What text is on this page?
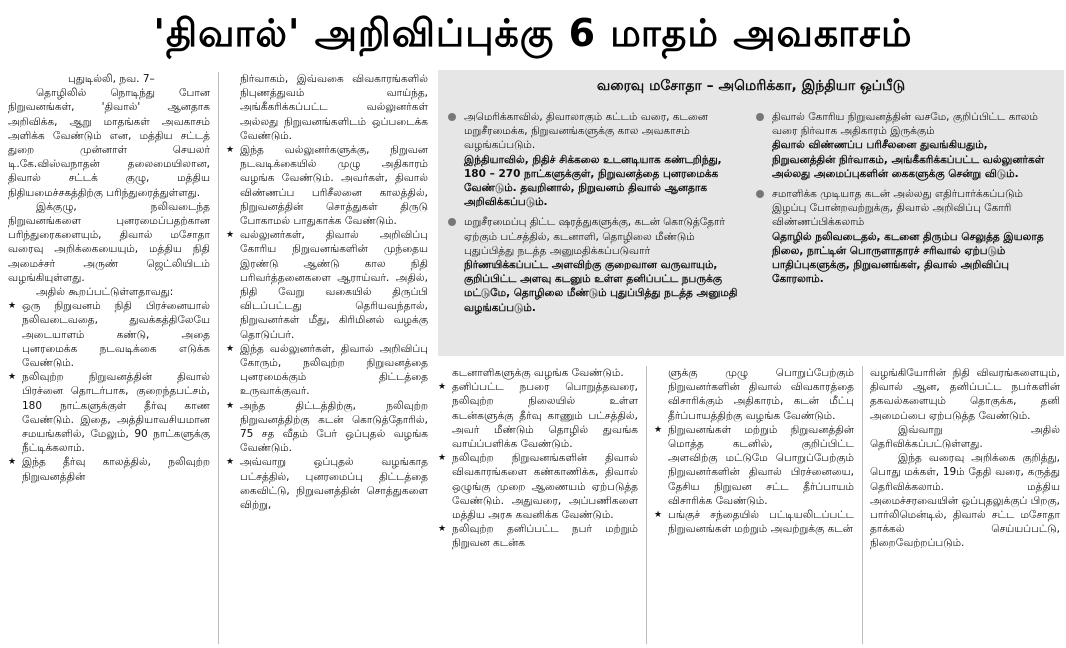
'திவால்' அறிவிப்புக்கு 6 மாதம் அவகாசம்

புதுடில்லி, நவ. 7–

தொழிலில் நொடிந்து போன நிறுவனங்கள், 'திவால்' ஆனதாக அறிவிக்க, ஆறு மாதங்கள் அவகாசம் அளிக்க வேண்டும் என, மத்திய சட்டத் துறை முன்னாள் செயலர் டி.கே.விஸ்வநாதன் தலைமையிலான, திவால் சட்டக் குழு, மத்திய நிதியமைச்சகத்திற்கு பரிந்துரைத்துள்ளது.

இக்குழு, நலிவடைந்த நிறுவனங்களை புனரமைப்பதற்கான பரிந்துரைகளையும், திவால் மசோதா வரைவு அறிக்கையையும், மத்திய நிதி அமைச்சர் அருண் ஜெட்லியிடம் வழங்கியுள்ளது.

அதில் கூறப்பட்டுள்ளதாவது:

★ ஒரு நிறுவனம் நிதி பிரச்னையால் நலிவடைவதை, துவக்கத்திலேயே அடையாளம் கண்டு, அதை புனரமைக்க நடவடிக்கை எடுக்க வேண்டும்.
★ நலிவுற்ற நிறுவனத்தின் திவால் பிரச்னை தொடர்பாக, குறைந்தபட்சம், 180 நாட்களுக்குள் தீர்வு காண வேண்டும். இதை, அத்தியாவசியமான சமயங்களில், மேலும், 90 நாட்களுக்கு நீட்டிக்கலாம்.
★ இந்த தீர்வு காலத்தில், நலிவுற்ற நிறுவனத்தின்

நிர்வாகம், இவ்வகை விவகாரங்களில் நிபுணத்துவம் வாய்ந்த, அங்கீகரிக்கப்பட்ட வல்லுனர்கள் அல்லது நிறுவனங்களிடம் ஒப்படைக்க வேண்டும்.

★ இந்த வல்லுனர்களுக்கு, நிறுவன நடவடிக்கையில் முழு அதிகாரம் வழங்க வேண்டும். அவர்கள், திவால் விண்ணப்ப பரிசீலனை காலத்தில், நிறுவனத்தின் சொத்துகள் திருடு போகாமல் பாதுகாக்க வேண்டும்.
★ வல்லுனர்கள், திவால் அறிவிப்பு கோரிய நிறுவனங்களின் முந்தைய இரண்டு ஆண்டு கால நிதி பரிவர்த்தனைகளை ஆராய்வர். அதில், நிதி வேறு வகையில் திருப்பி விடப்பட்டது தெரியவந்தால், நிறுவனர்கள் மீது, கிரிமினல் வழக்கு தொடுப்பர்.
★ இந்த வல்லுனர்கள், திவால் அறிவிப்பு கோரும், நலிவுற்ற நிறுவனத்தை புனரமைக்கும் திட்டத்தை உருவாக்குவர்.
★ அந்த திட்டத்திற்கு, நலிவுற்ற நிறுவனத்திற்கு கடன் கொடுத்தோரில், 75 சத வீதம் பேர் ஒப்புதல் வழங்க வேண்டும்.
★ அவ்வாறு ஒப்புதல் வழங்காத பட்சத்தில், புனரமைப்பு திட்டத்தை கைவிட்டு, நிறுவனத்தின் சொத்துகளை விற்று,
வரைவு மசோதா – அமெரிக்கா, இந்தியா ஒப்பீடு
அமெரிக்காவில், திவாலாகும் கட்டம் வரை, கடனை மறுசீரமைக்க, நிறுவனங்களுக்கு கால அவகாசம் வழங்கப்படும்.
இந்தியாவில், நிதிச் சிக்கலை உடனடியாக கண்டறிந்து, 180 – 270 நாட்களுக்குள், நிறுவனத்தை புனரமைக்க வேண்டும். தவறினால், நிறுவனம் திவால் ஆனதாக அறிவிக்கப்படும்.
மறுசீரமைப்பு திட்ட ஷரத்துகளுக்கு, கடன் கொடுத்தோர் ஏற்கும் பட்சத்தில், கடனாளி, தொழிலை மீண்டும் புதுப்பித்து நடத்த அனுமதிக்கப்படுவார்
நிர்ணயிக்கப்பட்ட அளவிற்கு குறைவான வருவாயும், குறிப்பிட்ட அளவு கடனும் உள்ள தனிப்பட்ட நபருக்கு மட்டுமே, தொழிலை மீண்டும் புதுப்பித்து நடத்த அனுமதி வழங்கப்படும்.
திவால் கோரிய நிறுவனத்தின் வசமே, குறிப்பிட்ட காலம் வரை நிர்வாக அதிகாரம் இருக்கும்
திவால் விண்ணப்ப பரிசீலனை துவங்கியதும், நிறுவனத்தின் நிர்வாகம், அங்கீகரிக்கப்பட்ட வல்லுனர்கள் அல்லது அமைப்புகளின் கைகளுக்கு சென்று விடும்.
சமாளிக்க முடியாத கடன் அல்லது எதிர்பார்க்கப்படும் இழப்பு போன்றவற்றுக்கு, திவால் அறிவிப்பு கோரி விண்ணப்பிக்கலாம்
தொழில் நலிவடைதல், கடனை திரும்ப செலுத்த இயலாத நிலை, நாட்டின் பொருளாதாரச் சரிவால் ஏற்படும் பாதிப்புகளுக்கு, நிறுவனங்கள், திவால் அறிவிப்பு கோரலாம்.

கடனாளிகளுக்கு வழங்க வேண்டும்.

★ தனிப்பட்ட நபரை பொறுத்தவரை, நலிவுற்ற நிலையில் உள்ள கடன்களுக்கு தீர்வு காணும் பட்சத்தில், அவர் மீண்டும் தொழில் துவங்க வாய்ப்பளிக்க வேண்டும்.
★ நலிவுற்ற நிறுவனங்களின் திவால் விவகாரங்களை கண்காணிக்க, திவால் ஒழுங்கு முறை ஆணையம் ஏற்படுத்த வேண்டும். அதுவரை, அப்பணிகளை மத்திய அரசு கவனிக்க வேண்டும்.
★ நலிவுற்ற தனிப்பட்ட நபர் மற்றும் நிறுவன கடன்க

ளுக்கு முழு பொறுப்பேற்கும் நிறுவனர்களின் திவால் விவகாரத்தை விசாரிக்கும் அதிகாரம், கடன் மீட்பு தீர்ப்பாயத்திற்கு வழங்க வேண்டும்.

★ நிறுவனங்கள் மற்றும் நிறுவனத்தின் மொத்த கடனில், குறிப்பிட்ட அளவிற்கு மட்டுமே பொறுப்பேற்கும் நிறுவனர்களின் திவால் பிரச்னையை, தேசிய நிறுவன சட்ட தீர்ப்பாயம் விசாரிக்க வேண்டும்.
★ பங்குச் சந்தையில் பட்டியலிடப்பட்ட நிறுவனங்கள் மற்றும் அவற்றுக்கு கடன்

வழங்கியோரின் நிதி விவரங்களையும், திவால் ஆன, தனிப்பட்ட நபர்களின் தகவல்களையும் தொகுக்க, தனி அமைப்பை ஏற்படுத்த வேண்டும்.

இவ்வாறு அதில் தெரிவிக்கப்பட்டுள்ளது.

இந்த வரைவு அறிக்கை குறித்து, பொது மக்கள், 19ம் தேதி வரை, கருத்து தெரிவிக்கலாம். மத்திய அமைச்சரவையின் ஒப்புதலுக்குப் பிறகு, பார்லிமென்டில், திவால் சட்ட மசோதா தாக்கல் செய்யப்பட்டு, நிறைவேற்றப்படும்.
